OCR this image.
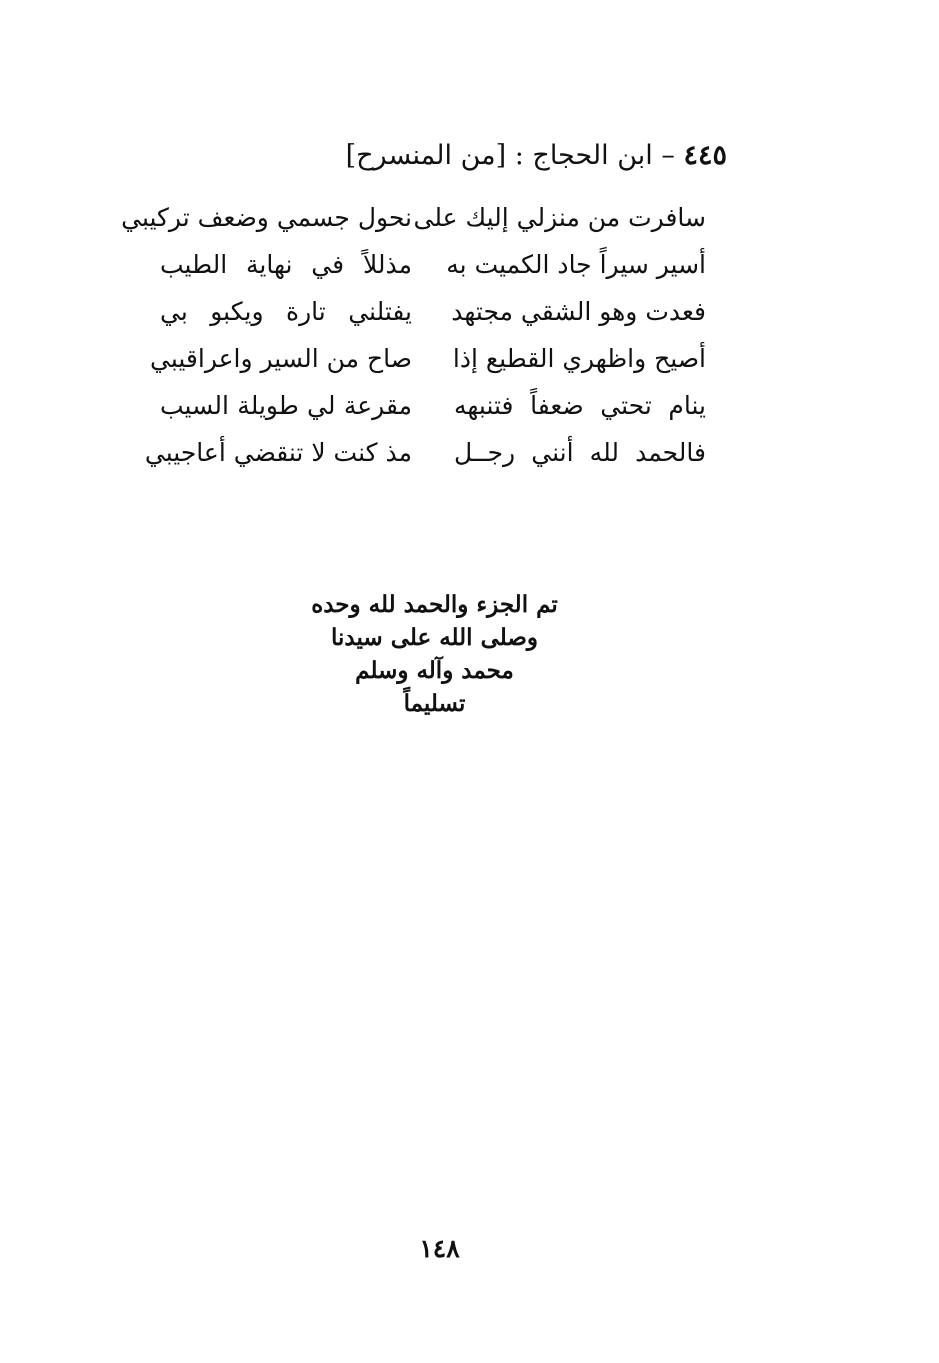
٤٤٥ – ابن الحجاج : [من المنسرح]
سافرت من منزلي إليك على
نحول جسمي وضعف تركيبي
أسير سيراً جاد الكميت به
مذللاً في نهاية الطيب
فعدت وهو الشقي مجتهد
يفتلني تارة ويكبو بي
أصيح واظهري القطيع إذا
صاح من السير واعراقيبي
ينام تحتي ضعفاً فتنبهه
مقرعة لي طويلة السيب
فالحمد لله أنني رجــل
مذ كنت لا تنقضي أعاجيبي
تم الجزء والحمد لله وحده
وصلى الله على سيدنا
محمد وآله وسلم
تسليماً
١٤٨
